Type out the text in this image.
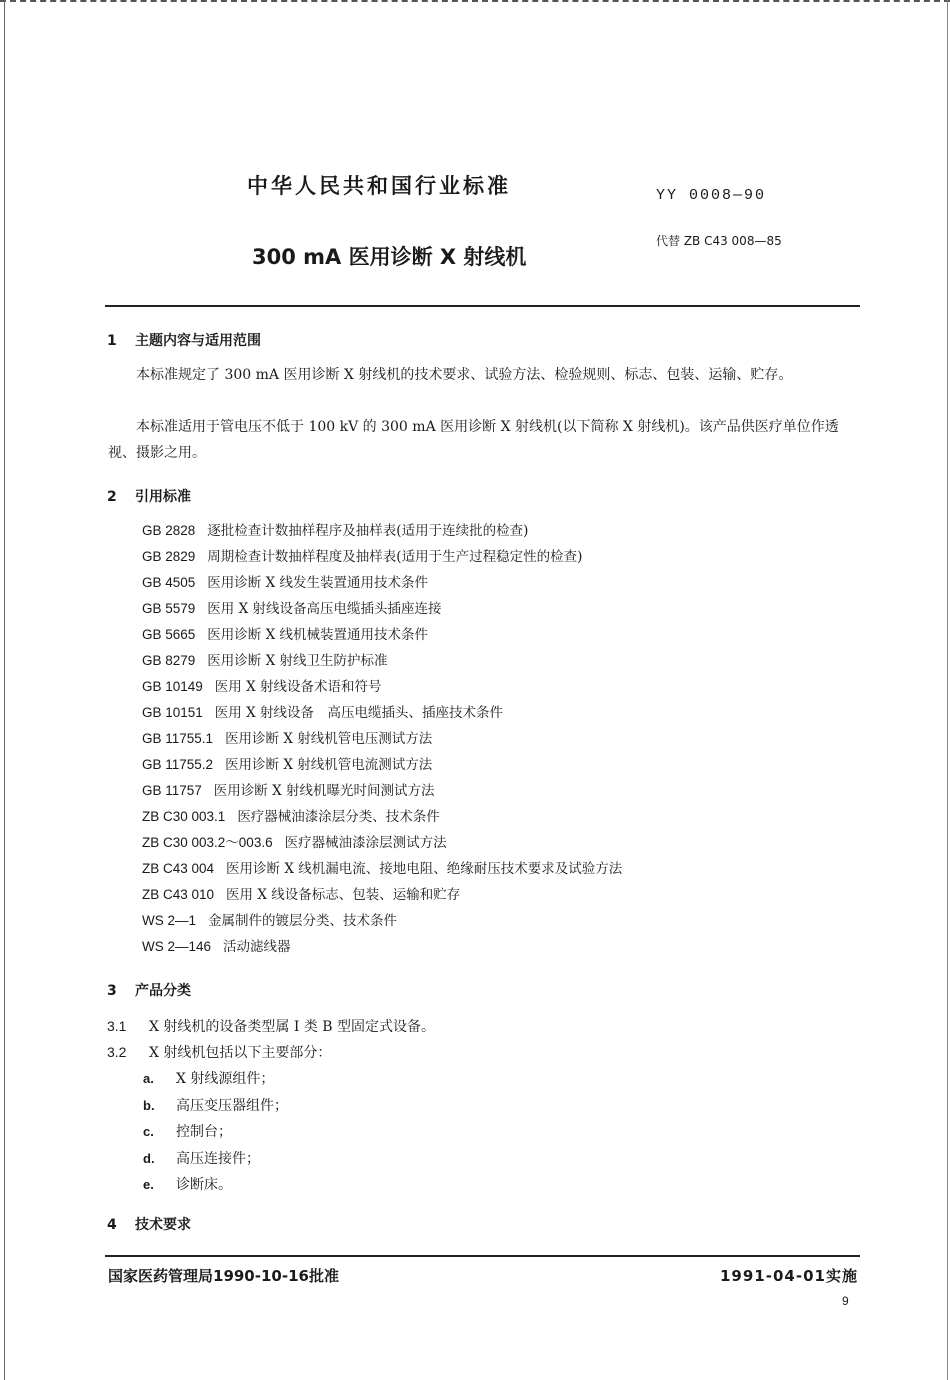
中华人民共和国行业标准	YY 0008—90
300 mA 医用诊断 X 射线机
代替 ZB C43 008—85
1 主题内容与适用范围

本标准规定了 300 mA 医用诊断 X 射线机的技术要求、试验方法、检验规则、标志、包装、运输、贮存。

本标准适用于管电压不低于 100 kV 的 300 mA 医用诊断 X 射线机(以下简称 X 射线机)。该产品供医疗单位作透视、摄影之用。

2 引用标准
GB 2828 逐批检查计数抽样程序及抽样表(适用于连续批的检查)
GB 2829 周期检查计数抽样程度及抽样表(适用于生产过程稳定性的检查)
GB 4505 医用诊断 X 线发生装置通用技术条件
GB 5579 医用 X 射线设备高压电缆插头插座连接
GB 5665 医用诊断 X 线机械装置通用技术条件
GB 8279 医用诊断 X 射线卫生防护标准
GB 10149 医用 X 射线设备术语和符号
GB 10151 医用 X 射线设备　高压电缆插头、插座技术条件
GB 11755.1 医用诊断 X 射线机管电压测试方法
GB 11755.2 医用诊断 X 射线机管电流测试方法
GB 11757 医用诊断 X 射线机曝光时间测试方法
ZB C30 003.1 医疗器械油漆涂层分类、技术条件
ZB C30 003.2～003.6 医疗器械油漆涂层测试方法
ZB C43 004 医用诊断 X 线机漏电流、接地电阻、绝缘耐压技术要求及试验方法
ZB C43 010 医用 X 线设备标志、包装、运输和贮存
WS 2—1 金属制件的镀层分类、技术条件
WS 2—146 活动滤线器
3 产品分类
3.1 X 射线机的设备类型属 I 类 B 型固定式设备。
3.2 X 射线机包括以下主要部分：
a. X 射线源组件；
b. 高压变压器组件；
c. 控制台；
d. 高压连接件；
e. 诊断床。
4 技术要求
国家医药管理局1990-10-16批准	1991-04-01实施
9
